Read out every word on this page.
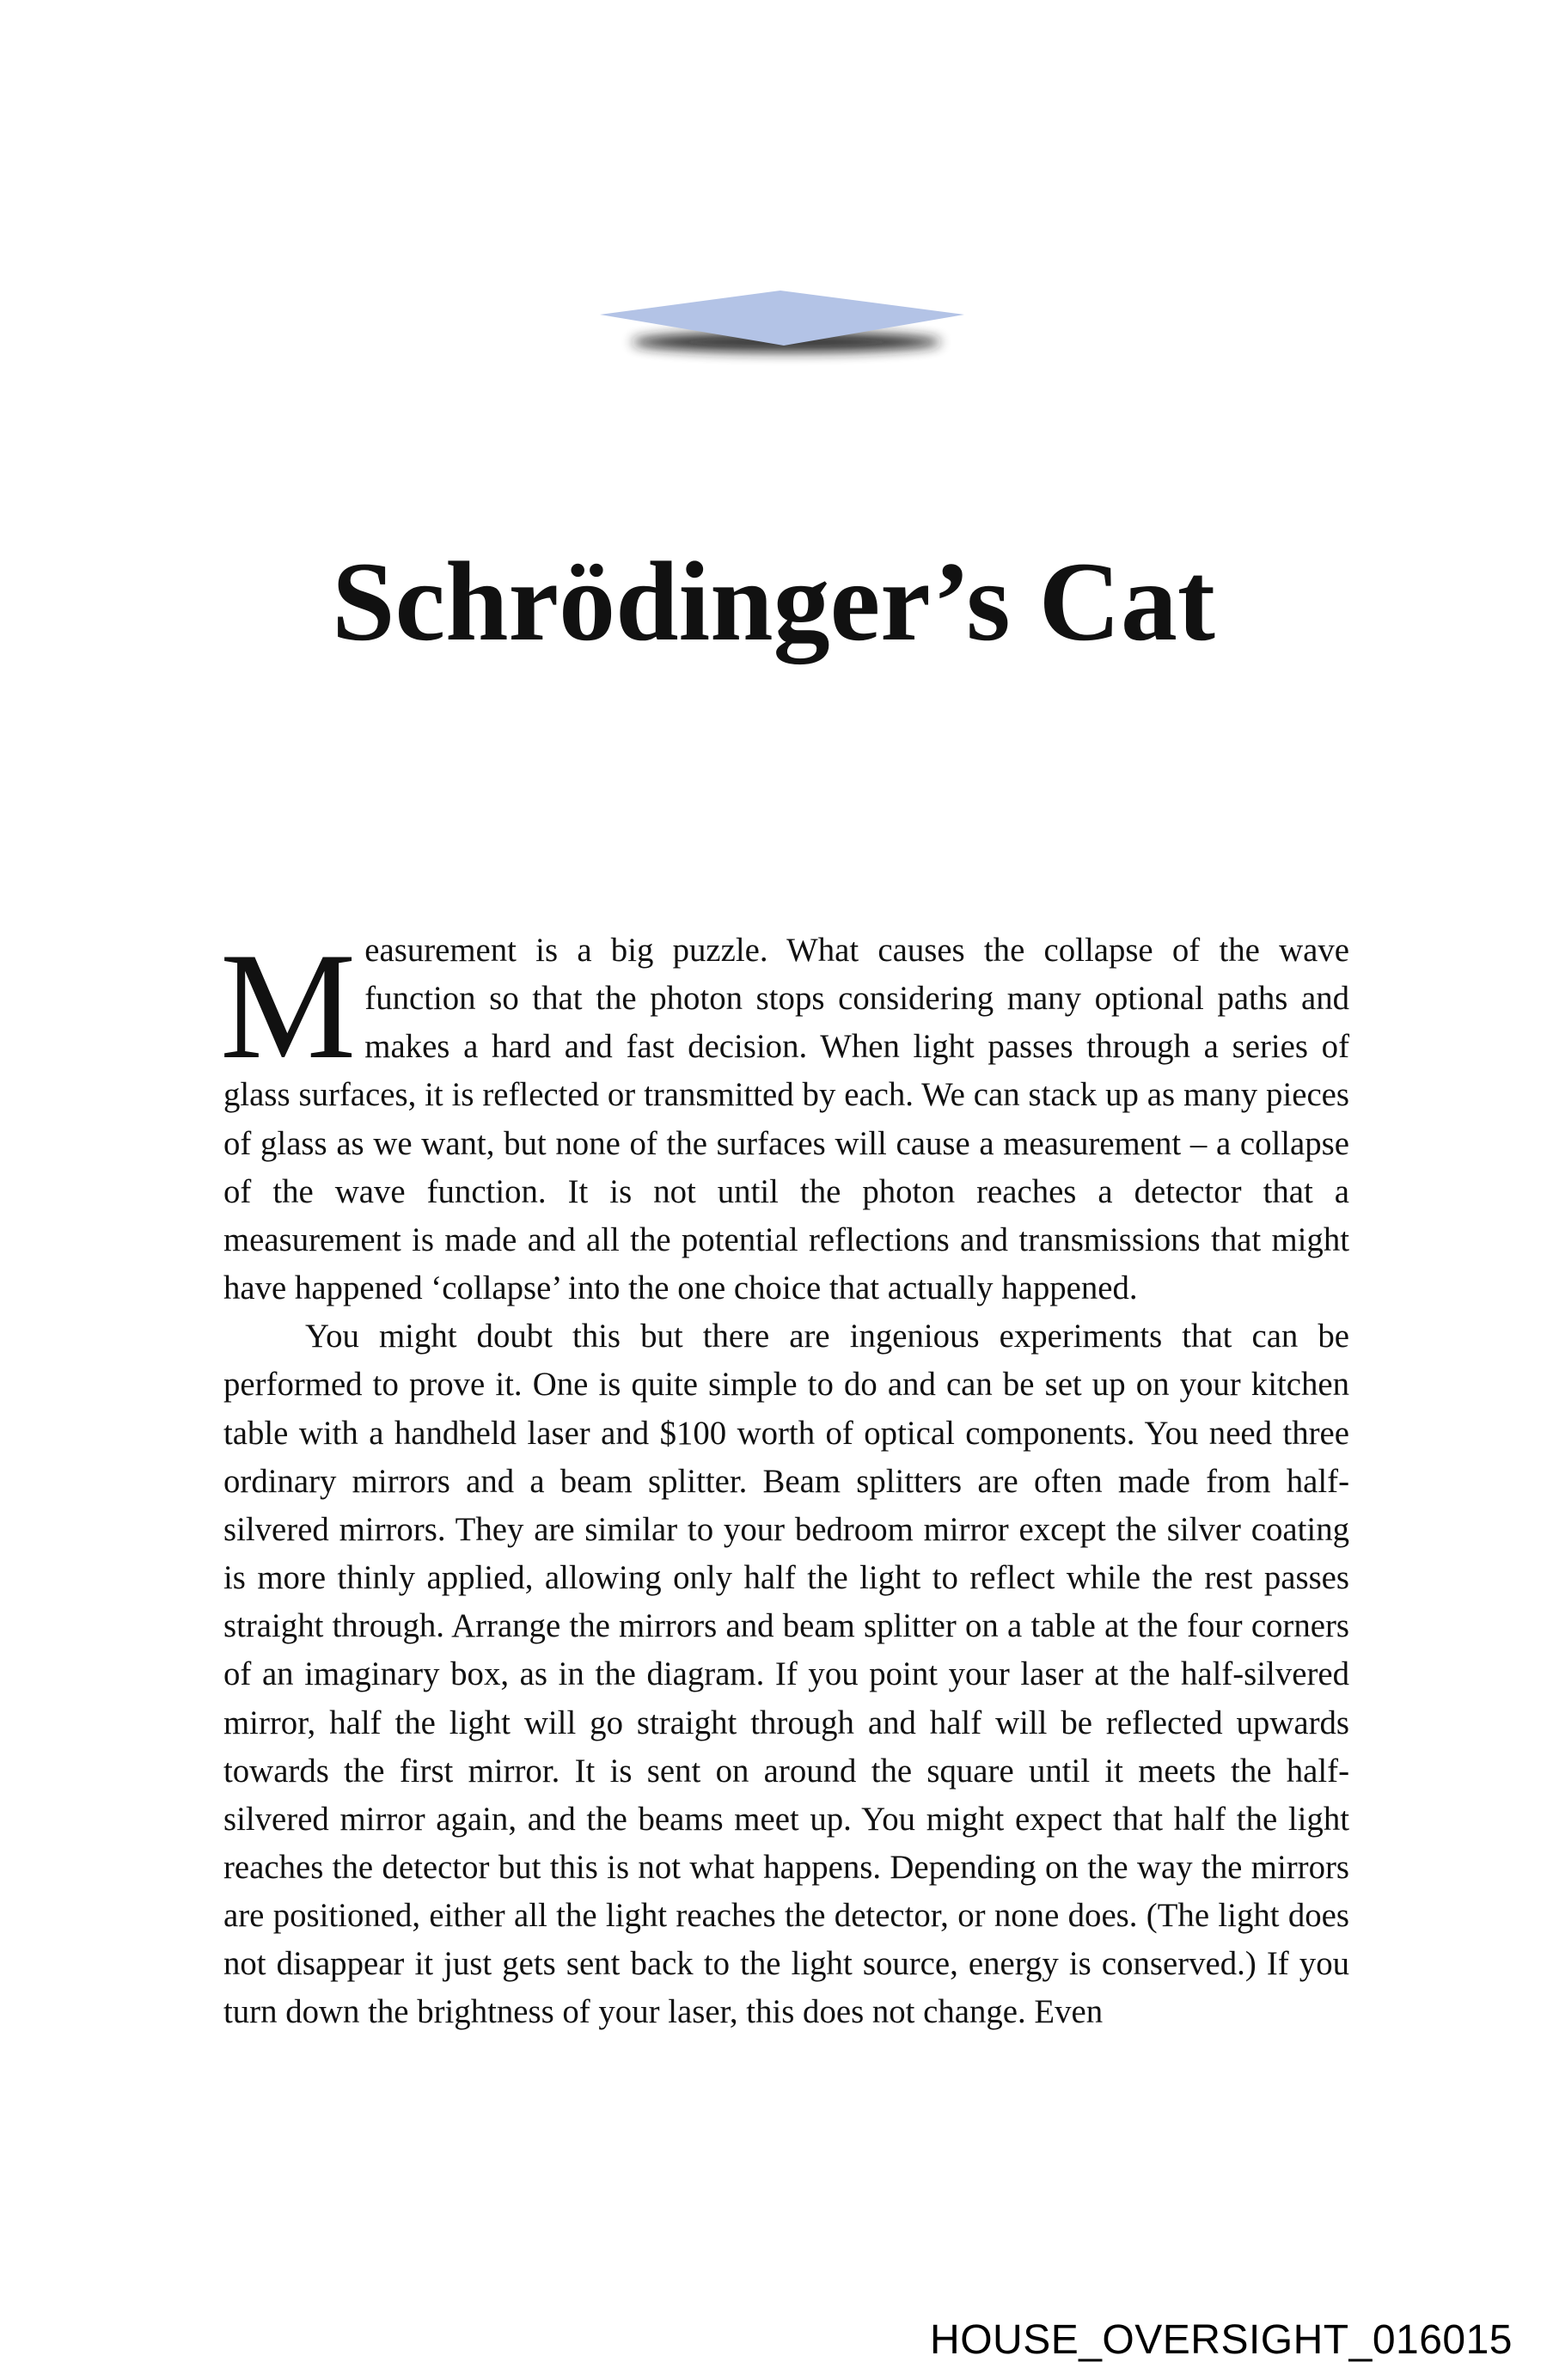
Schrödinger’s Cat

Measurement is a big puzzle. What causes the collapse of the wave function so that the photon stops considering many optional paths and makes a hard and fast decision. When light passes through a series of glass surfaces, it is reflected or transmitted by each. We can stack up as many pieces of glass as we want, but none of the surfaces will cause a measurement – a collapse of the wave function. It is not until the photon reaches a detector that a measurement is made and all the potential reflections and transmissions that might have happened ‘collapse’ into the one choice that actually happened.

You might doubt this but there are ingenious experiments that can be performed to prove it. One is quite simple to do and can be set up on your kitchen table with a handheld laser and $100 worth of optical components. You need three ordinary mirrors and a beam splitter. Beam splitters are often made from half-silvered mirrors. They are similar to your bedroom mirror except the silver coating is more thinly applied, allowing only half the light to reflect while the rest passes straight through. Arrange the mirrors and beam splitter on a table at the four corners of an imaginary box, as in the diagram. If you point your laser at the half-silvered mirror, half the light will go straight through and half will be reflected upwards towards the first mirror. It is sent on around the square until it meets the half-silvered mirror again, and the beams meet up. You might expect that half the light reaches the detector but this is not what happens. Depending on the way the mirrors are positioned, either all the light reaches the detector, or none does. (The light does not disappear it just gets sent back to the light source, energy is conserved.) If you turn down the brightness of your laser, this does not change. Even

HOUSE_OVERSIGHT_016015
